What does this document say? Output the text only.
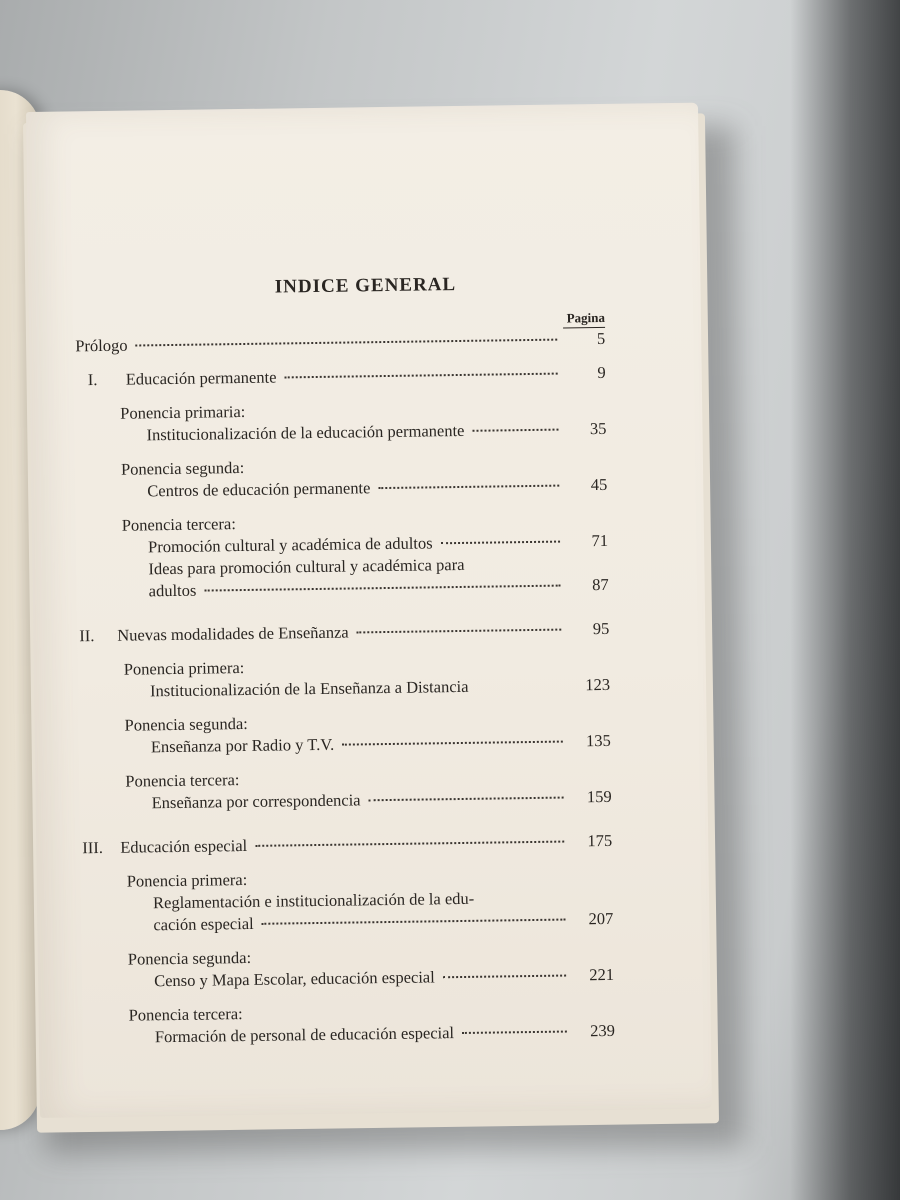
INDICE GENERAL
Pagina
Prólogo	5
I. Educación permanente	9
Ponencia primaria:
Institucionalización de la educación permanente	35
Ponencia segunda:
Centros de educación permanente	45
Ponencia tercera:
Promoción cultural y académica de adultos	71
Ideas para promoción cultural y académica para
adultos	87
II. Nuevas modalidades de Enseñanza	95
Ponencia primera:
Institucionalización de la Enseñanza a Distancia	123
Ponencia segunda:
Enseñanza por Radio y T.V.	135
Ponencia tercera:
Enseñanza por correspondencia	159
III. Educación especial	175
Ponencia primera:
Reglamentación e institucionalización de la edu-
cación especial	207
Ponencia segunda:
Censo y Mapa Escolar, educación especial	221
Ponencia tercera:
Formación de personal de educación especial	239
